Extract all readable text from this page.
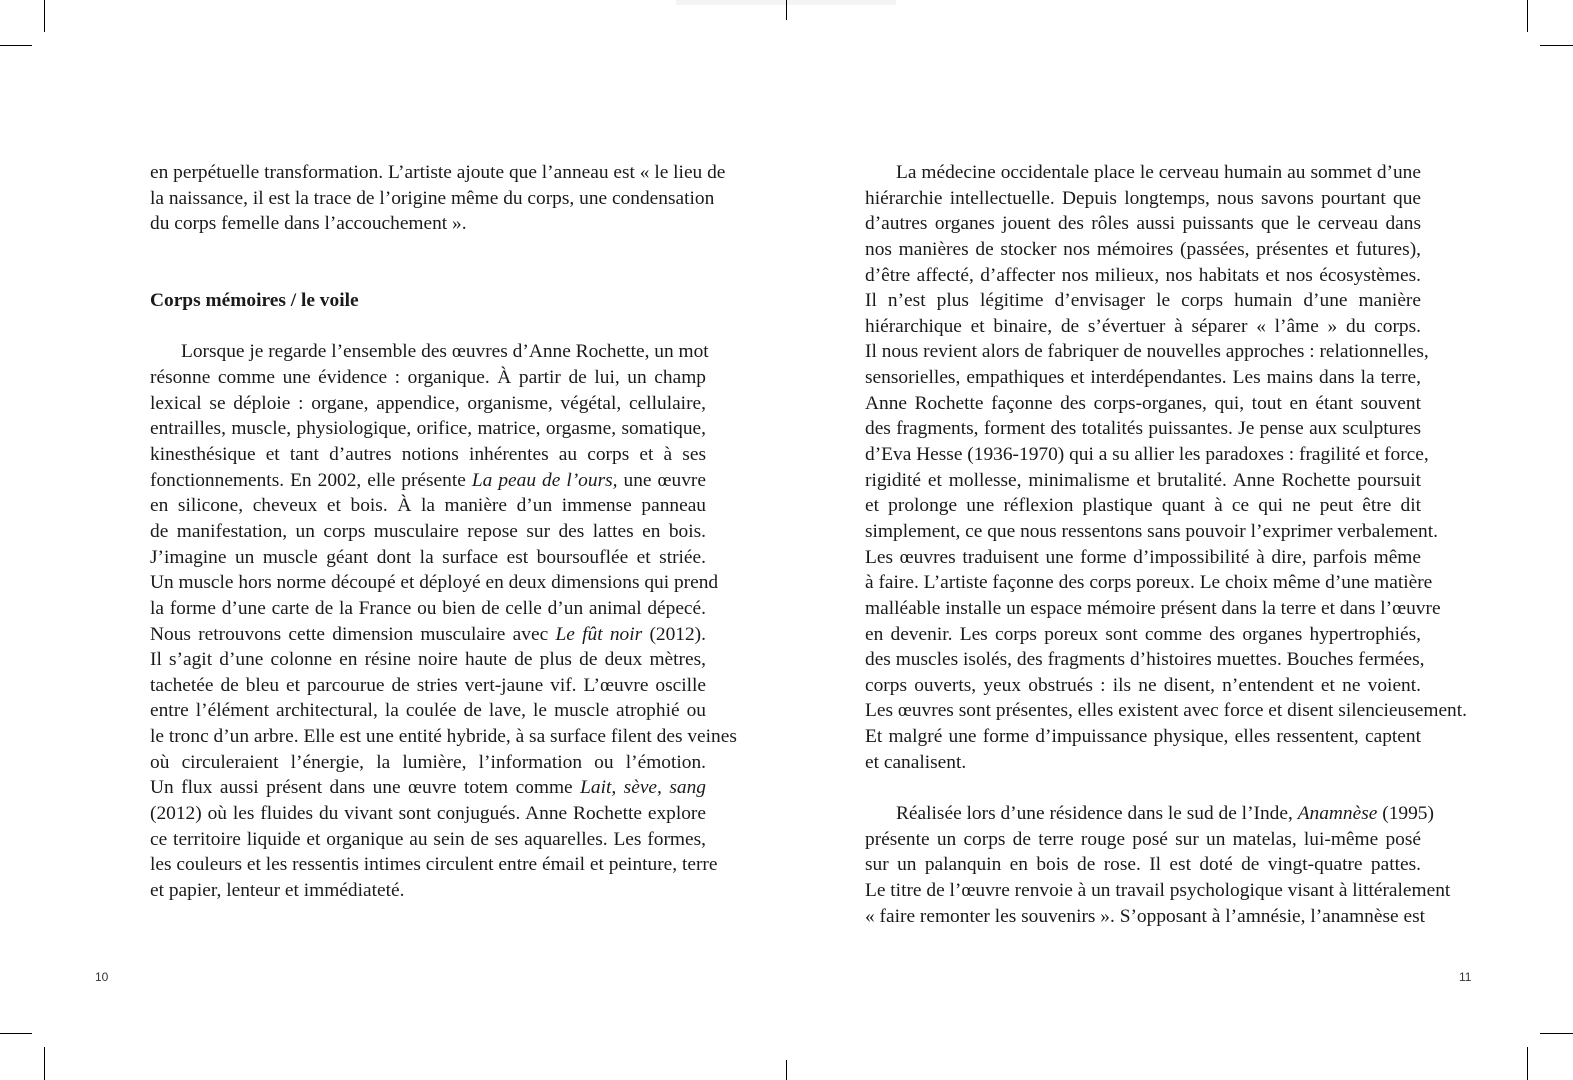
en perpétuelle transformation. L’artiste ajoute que l’anneau est « le lieu de
la naissance, il est la trace de l’origine même du corps, une condensation
du corps femelle dans l’accouchement ».
Corps mémoires / le voile
Lorsque je regarde l’ensemble des œuvres d’Anne Rochette, un mot
résonne comme une évidence : organique. À partir de lui, un champ
lexical se déploie : organe, appendice, organisme, végétal, cellulaire,
entrailles, muscle, physiologique, orifice, matrice, orgasme, somatique,
kinesthésique et tant d’autres notions inhérentes au corps et à ses
fonctionnements. En 2002, elle présente La peau de l’ours, une œuvre
en silicone, cheveux et bois. À la manière d’un immense panneau
de manifestation, un corps musculaire repose sur des lattes en bois.
J’imagine un muscle géant dont la surface est boursouflée et striée.
Un muscle hors norme découpé et déployé en deux dimensions qui prend
la forme d’une carte de la France ou bien de celle d’un animal dépecé.
Nous retrouvons cette dimension musculaire avec Le fût noir (2012).
Il s’agit d’une colonne en résine noire haute de plus de deux mètres,
tachetée de bleu et parcourue de stries vert-jaune vif. L’œuvre oscille
entre l’élément architectural, la coulée de lave, le muscle atrophié ou
le tronc d’un arbre. Elle est une entité hybride, à sa surface filent des veines
où circuleraient l’énergie, la lumière, l’information ou l’émotion.
Un flux aussi présent dans une œuvre totem comme Lait, sève, sang
(2012) où les fluides du vivant sont conjugués. Anne Rochette explore
ce territoire liquide et organique au sein de ses aquarelles. Les formes,
les couleurs et les ressentis intimes circulent entre émail et peinture, terre
et papier, lenteur et immédiateté.
10
La médecine occidentale place le cerveau humain au sommet d’une
hiérarchie intellectuelle. Depuis longtemps, nous savons pourtant que
d’autres organes jouent des rôles aussi puissants que le cerveau dans
nos manières de stocker nos mémoires (passées, présentes et futures),
d’être affecté, d’affecter nos milieux, nos habitats et nos écosystèmes.
Il n’est plus légitime d’envisager le corps humain d’une manière
hiérarchique et binaire, de s’évertuer à séparer « l’âme » du corps.
Il nous revient alors de fabriquer de nouvelles approches : relationnelles,
sensorielles, empathiques et interdépendantes. Les mains dans la terre,
Anne Rochette façonne des corps-organes, qui, tout en étant souvent
des fragments, forment des totalités puissantes. Je pense aux sculptures
d’Eva Hesse (1936-1970) qui a su allier les paradoxes : fragilité et force,
rigidité et mollesse, minimalisme et brutalité. Anne Rochette poursuit
et prolonge une réflexion plastique quant à ce qui ne peut être dit
simplement, ce que nous ressentons sans pouvoir l’exprimer verbalement.
Les œuvres traduisent une forme d’impossibilité à dire, parfois même
à faire. L’artiste façonne des corps poreux. Le choix même d’une matière
malléable installe un espace mémoire présent dans la terre et dans l’œuvre
en devenir. Les corps poreux sont comme des organes hypertrophiés,
des muscles isolés, des fragments d’histoires muettes. Bouches fermées,
corps ouverts, yeux obstrués : ils ne disent, n’entendent et ne voient.
Les œuvres sont présentes, elles existent avec force et disent silencieusement.
Et malgré une forme d’impuissance physique, elles ressentent, captent
et canalisent.
Réalisée lors d’une résidence dans le sud de l’Inde, Anamnèse (1995)
présente un corps de terre rouge posé sur un matelas, lui-même posé
sur un palanquin en bois de rose. Il est doté de vingt-quatre pattes.
Le titre de l’œuvre renvoie à un travail psychologique visant à littéralement
« faire remonter les souvenirs ». S’opposant à l’amnésie, l’anamnèse est
11
